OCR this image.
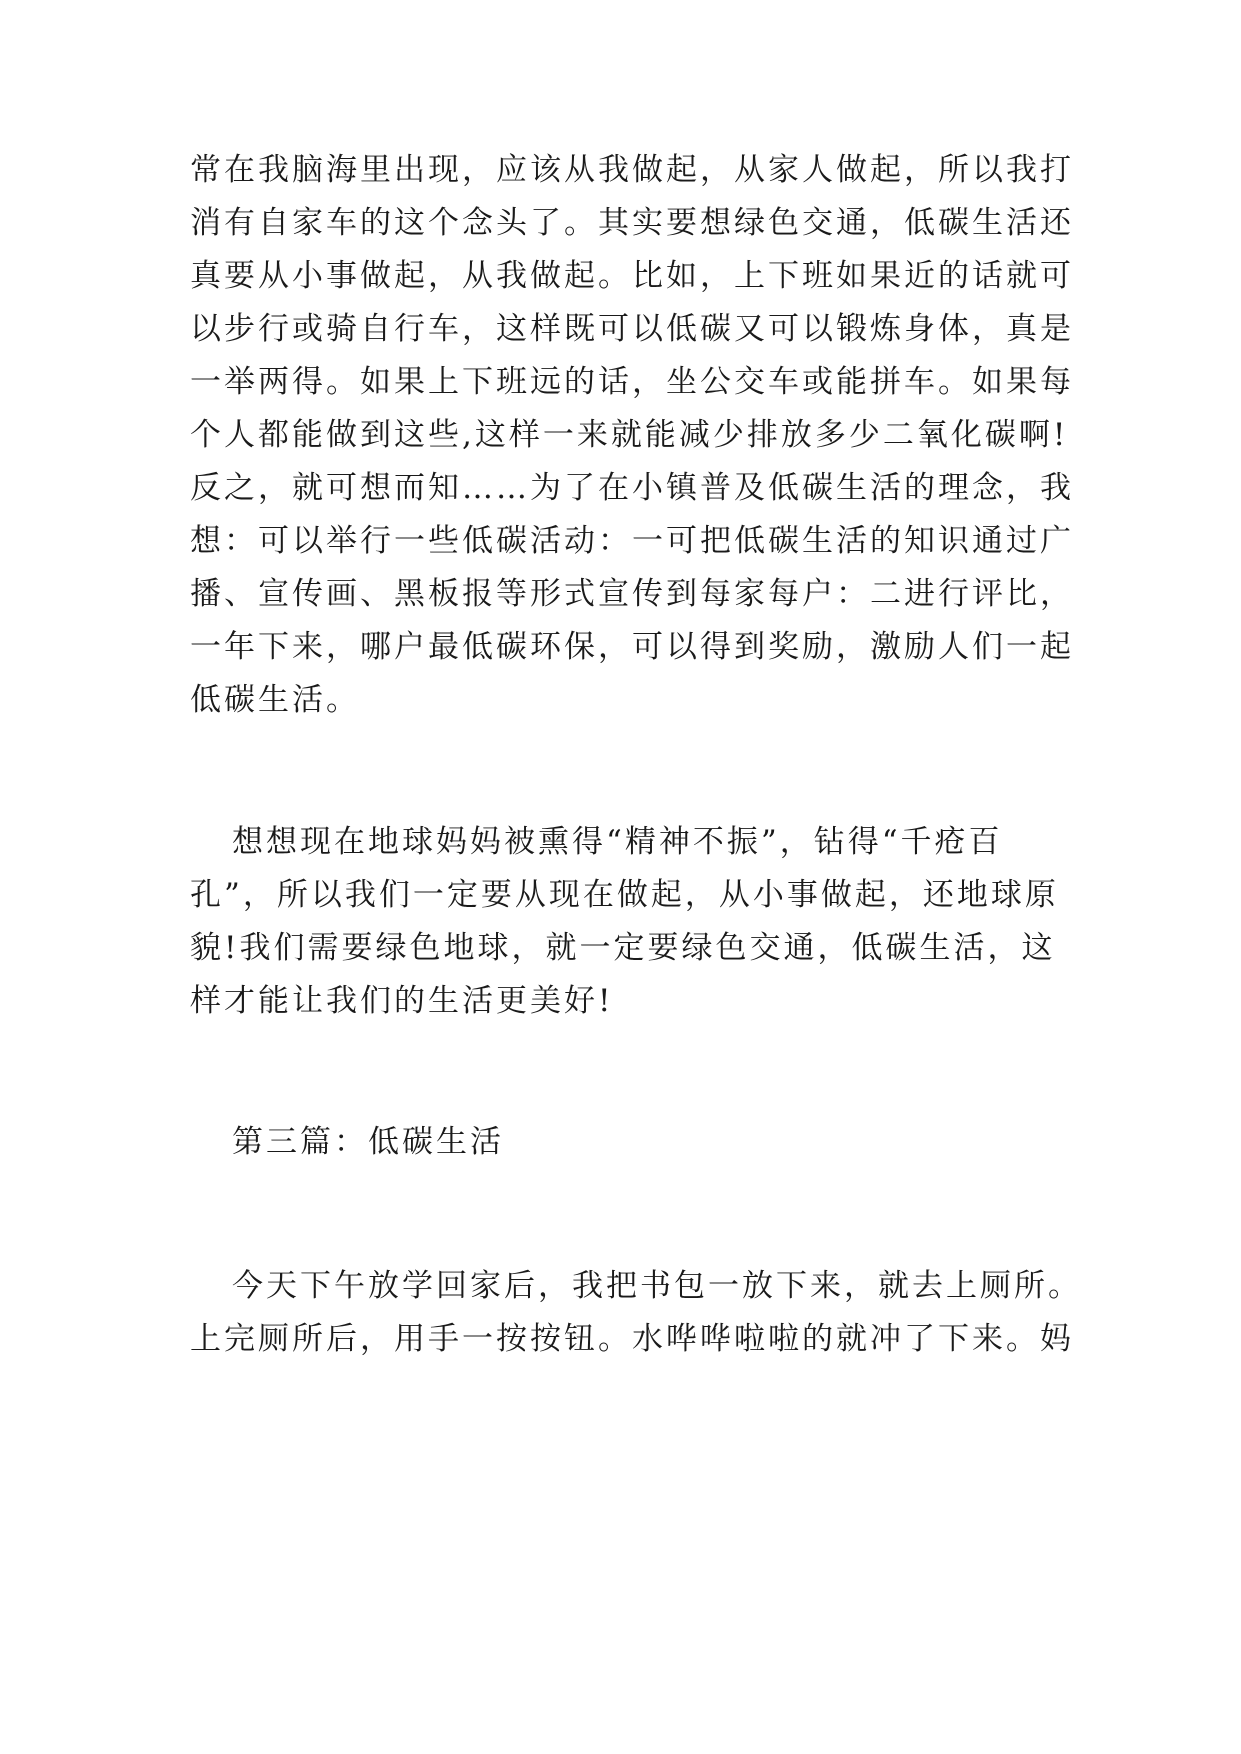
常在我脑海里出现，应该从我做起，从家人做起，所以我打
消有自家车的这个念头了。其实要想绿色交通，低碳生活还
真要从小事做起，从我做起。比如，上下班如果近的话就可
以步行或骑自行车，这样既可以低碳又可以锻炼身体，真是
一举两得。如果上下班远的话，坐公交车或能拼车。如果每
个人都能做到这些,这样一来就能减少排放多少二氧化碳啊!
反之，就可想而知……为了在小镇普及低碳生活的理念，我
想：可以举行一些低碳活动：一可把低碳生活的知识通过广
播、宣传画、黑板报等形式宣传到每家每户：二进行评比，
一年下来，哪户最低碳环保，可以得到奖励，激励人们一起
低碳生活。
想想现在地球妈妈被熏得“精神不振”，钻得“千疮百
孔”，所以我们一定要从现在做起，从小事做起，还地球原
貌!我们需要绿色地球，就一定要绿色交通，低碳生活，这
样才能让我们的生活更美好!
第三篇：低碳生活
今天下午放学回家后，我把书包一放下来，就去上厕所。
上完厕所后，用手一按按钮。水哗哗啦啦的就冲了下来。妈
